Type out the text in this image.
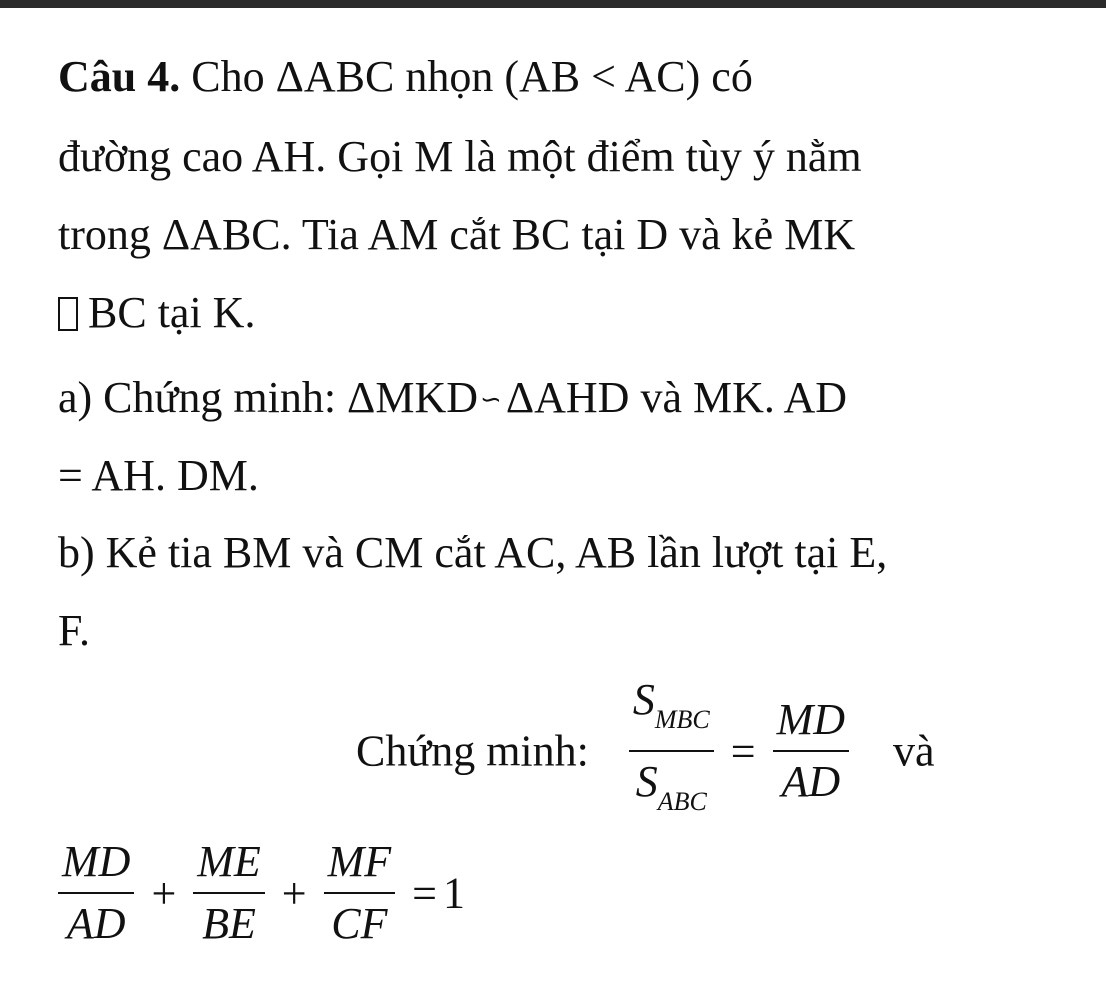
Câu 4. Cho ΔABC nhọn (AB < AC) có
đường cao AH. Gọi M là một điểm tùy ý nằm
trong ΔABC. Tia AM cắt BC tại D và kẻ MK
BC tại K.
a) Chứng minh: ΔMKD∽ΔAHD và MK. AD
= AH. DM.
b) Kẻ tia BM và CM cắt AC, AB lần lượt tại E,
F.
Chứng minh: $\frac{S_{MBC}}{S_{ABC}} = \frac{MD}{AD}$ và
$\frac{MD}{AD} + \frac{ME}{BE} + \frac{MF}{CF} = 1$
